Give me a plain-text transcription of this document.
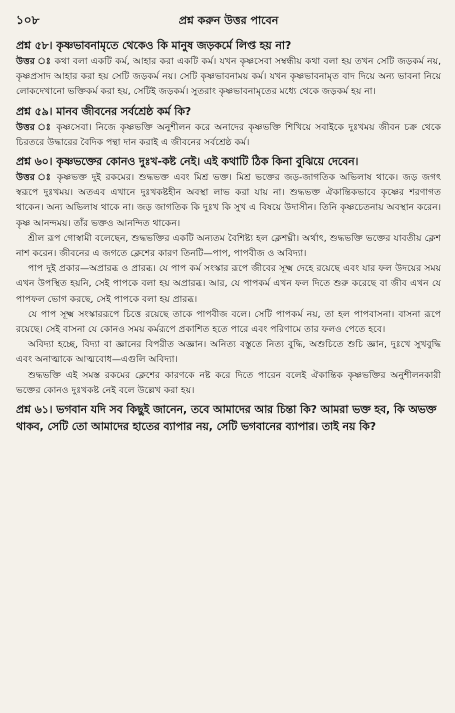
১০৮	প্রশ্ন করুন উত্তর পাবেন

প্রশ্ন ৫৮। কৃষ্ণভাবনামৃতে থেকেও কি মানুষ জড়কর্মে লিপ্ত হয় না?

উত্তর ঃ কথা বলা একটি কর্ম, আহার করা একটি কর্ম। যখন কৃষ্ণসেবা সম্বন্ধীয় কথা বলা হয় তখন সেটি জড়কর্ম নয়, কৃষ্ণপ্রসাদ আহার করা হয় সেটি জড়কর্ম নয়। সেটি কৃষ্ণভাবনাময় কর্ম। যখন কৃষ্ণভাবনামৃত বাদ দিয়ে অন্য ভাবনা নিয়ে লোকদেখানো ভক্তিকর্ম করা হয়, সেটিই জড়কর্ম। সুতরাং কৃষ্ণভাবনামৃতের মধ্যে থেকে জড়কর্ম হয় না।

প্রশ্ন ৫৯। মানব জীবনের সর্বশ্রেষ্ঠ কর্ম কি?

উত্তর ঃ কৃষ্ণসেবা। নিজে কৃষ্ণভক্তি অনুশীলন করে অনাদের কৃষ্ণভক্তি শিখিয়ে সবাইকে দুঃখময় জীবন চক্র থেকে চিরতরে উদ্ধারের বৈদিক পন্থা দান করাই এ জীবনের সর্বশ্রেষ্ঠ কর্ম।

প্রশ্ন ৬০। কৃষ্ণভক্তের কোনও দুঃখ-কষ্ট নেই। এই কথাটি ঠিক কিনা বুঝিয়ে দেবেন।

উত্তর ঃ কৃষ্ণভক্ত দুই রকমের। শুদ্ধভক্ত এবং মিশ্র ভক্ত। মিশ্র ভক্তের জড়-জাগতিক অভিলাষ থাকে। জড় জগৎ স্বরূপে দুঃখময়। অতএব এখানে দুঃখকষ্টহীন অবস্থা লাভ করা যায় না। শুদ্ধভক্ত ঐকান্তিকভাবে কৃষ্ণের শরণাগত থাকেন। অন্য অভিলাষ থাকে না। জড় জাগতিক কি দুঃখ কি সুখ এ বিষয়ে উদাসীন। তিনি কৃষ্ণচেতনায় অবস্থান করেন। কৃষ্ণ আনন্দময়। তাঁর ভক্তও আনন্দিত থাকেন।

শ্রীল রূপ গোস্বামী বলেছেন, শুদ্ধভক্তির একটি অন্যতম বৈশিষ্ট্য হল ক্লেশঘ্নী। অর্থাৎ, শুদ্ধভক্তি ভক্তের যাবতীয় ক্লেশ নাশ করেন। জীবনের এ জগতে ক্লেশের কারণ তিনটি—পাপ, পাপবীজ ও অবিদ্যা।

পাপ দুই প্রকার—অপ্রারব্ধ ও প্রারব্ধ। যে পাপ কর্ম সংস্কার রূপে জীবের সূক্ষ্ম দেহে রয়েছে এবং যার ফল উদয়ের সময় এখন উপস্থিত হয়নি, সেই পাপকে বলা হয় অপ্রারব্ধ। আর, যে পাপকর্ম এখন ফল দিতে শুরু করেছে বা জীব এখন যে পাপফল ভোগ করছে, সেই পাপকে বলা হয় প্রারব্ধ।

যে পাপ সূক্ষ্ম সংস্কাররূপে চিত্তে রয়েছে তাকে পাপবীজ বলে। সেটি পাপকর্ম নয়, তা হল পাপবাসনা। বাসনা রূপে রয়েছে। সেই বাসনা যে কোনও সময় কর্মরূপে প্রকাশিত হতে পারে এবং পরিণামে তার ফলও পেতে হবে।

অবিদ্যা হচ্ছে, বিদ্যা বা জ্ঞানের বিপরীত অজ্ঞান। অনিত্য বস্তুতে নিত্য বুদ্ধি, অশুচিতে শুচি জ্ঞান, দুঃখে সুখবুদ্ধি এবং অনাত্মাকে আত্মবোধ—এগুলি অবিদ্যা।

শুদ্ধভক্তি এই সমস্ত রকমের ক্লেশের কারণকে নষ্ট করে দিতে পারেন বলেই ঐকান্তিক কৃষ্ণভক্তির অনুশীলনকারী ভক্তের কোনও দুঃখকষ্ট নেই বলে উল্লেখ করা হয়।

প্রশ্ন ৬১। ভগবান যদি সব কিছুই জানেন, তবে আমাদের আর চিন্তা কি? আমরা ভক্ত হব, কি অভক্ত থাকব, সেটি তো আমাদের হাতের ব্যাপার নয়, সেটি ভগবানের ব্যাপার। তাই নয় কি?
